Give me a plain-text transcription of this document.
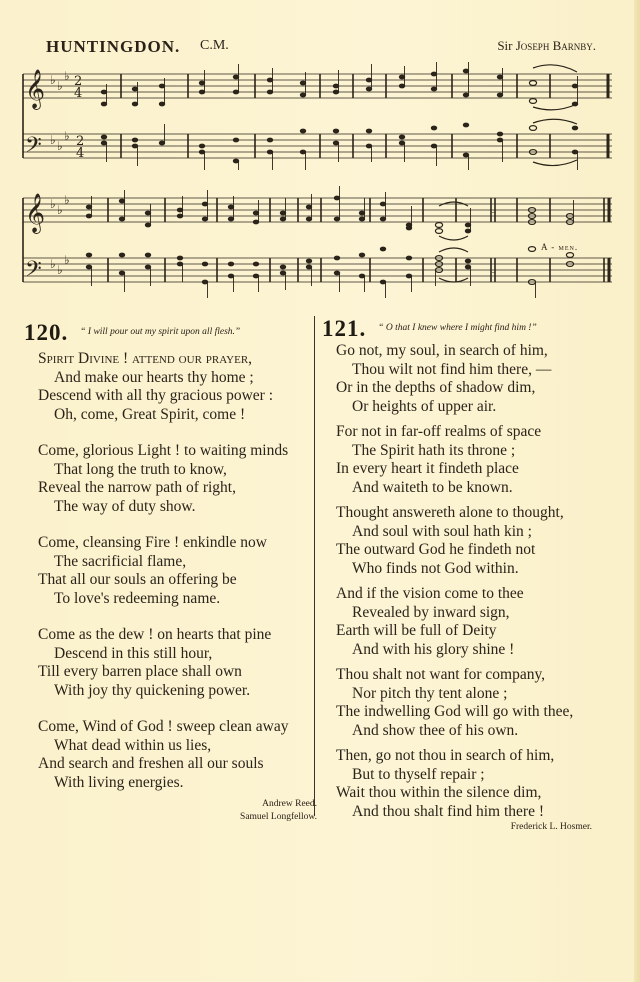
HUNTINGDON. C.M.	Sir Joseph Barnby.
𝄞
𝄢
♭ ♭
♭
♭ ♭
♭
2
4
2
4
𝄞
𝄢
♭ ♭
♭
♭ ♭
♭
𝄼
𝄼
A - men.
120. “ I will pour out my spirit upon all flesh.”
Spirit Divine ! attend our prayer,
And make our hearts thy home ;
Descend with all thy gracious power :
Oh, come, Great Spirit, come !
Come, glorious Light ! to waiting minds
That long the truth to know,
Reveal the narrow path of right,
The way of duty show.
Come, cleansing Fire ! enkindle now
The sacrificial flame,
That all our souls an offering be
To love's redeeming name.
Come as the dew ! on hearts that pine
Descend in this still hour,
Till every barren place shall own
With joy thy quickening power.
Come, Wind of God ! sweep clean away
What dead within us lies,
And search and freshen all our souls
With living energies.
Andrew Reed.
Samuel Longfellow.
121. “ O that I knew where I might find him !”
Go not, my soul, in search of him,
Thou wilt not find him there, —
Or in the depths of shadow dim,
Or heights of upper air.
For not in far-off realms of space
The Spirit hath its throne ;
In every heart it findeth place
And waiteth to be known.
Thought answereth alone to thought,
And soul with soul hath kin ;
The outward God he findeth not
Who finds not God within.
And if the vision come to thee
Revealed by inward sign,
Earth will be full of Deity
And with his glory shine !
Thou shalt not want for company,
Nor pitch thy tent alone ;
The indwelling God will go with thee,
And show thee of his own.
Then, go not thou in search of him,
But to thyself repair ;
Wait thou within the silence dim,
And thou shalt find him there !
Frederick L. Hosmer.
